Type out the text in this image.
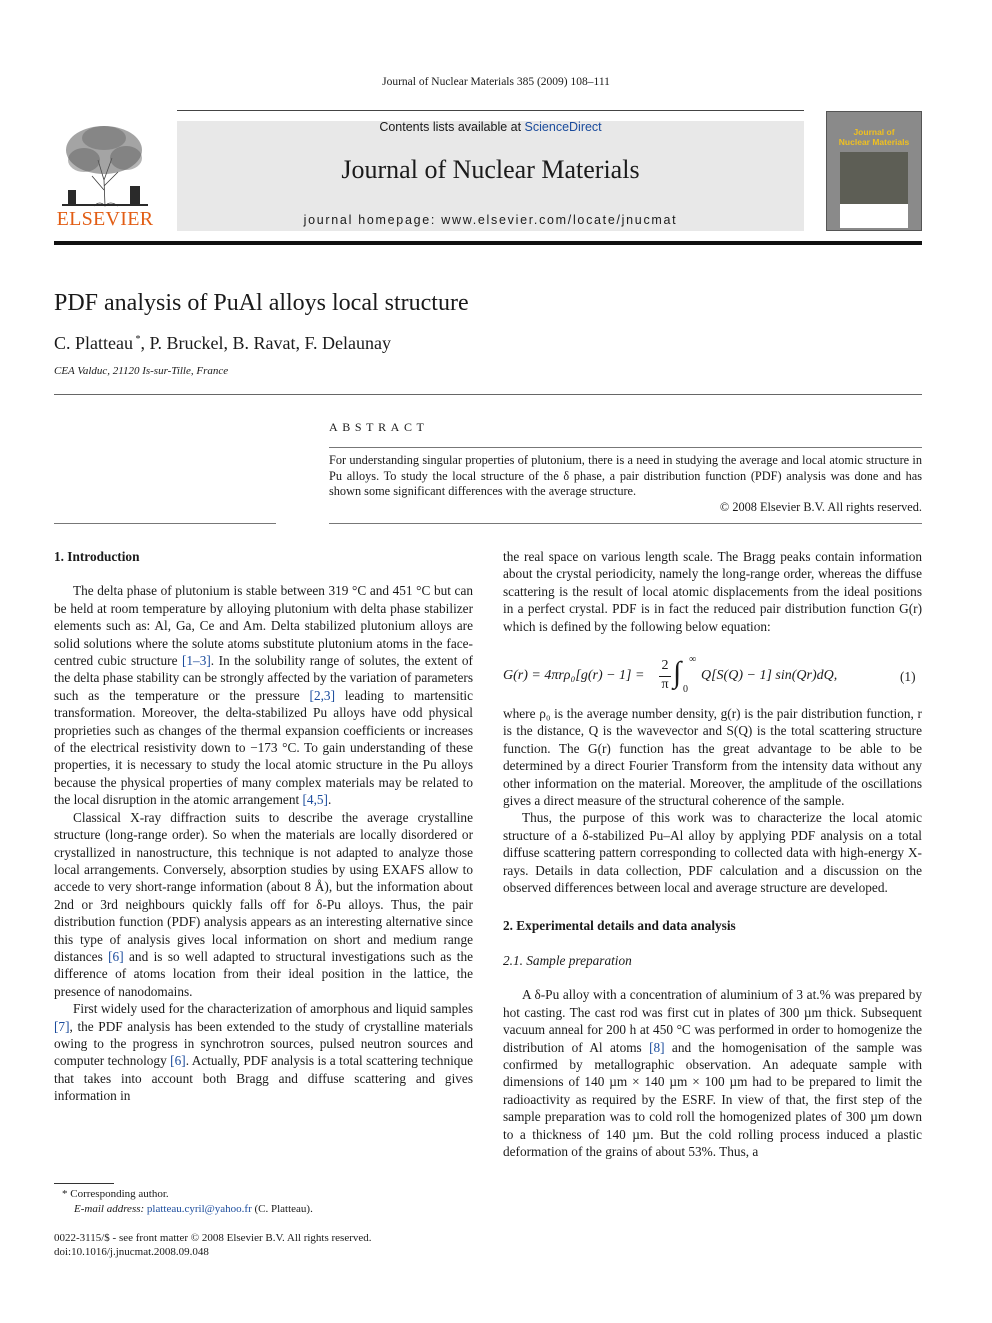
Journal of Nuclear Materials 385 (2009) 108–111
Contents lists available at ScienceDirect
Journal of Nuclear Materials
journal homepage: www.elsevier.com/locate/jnucmat
ELSEVIER
Journal of
Nuclear Materials
PDF analysis of PuAl alloys local structure
C. Platteau *, P. Bruckel, B. Ravat, F. Delaunay
CEA Valduc, 21120 Is-sur-Tille, France
ABSTRACT
For understanding singular properties of plutonium, there is a need in studying the average and local atomic structure in Pu alloys. To study the local structure of the δ phase, a pair distribution function (PDF) analysis was done and has shown some significant differences with the average structure.
© 2008 Elsevier B.V. All rights reserved.
1. Introduction

The delta phase of plutonium is stable between 319 °C and 451 °C but can be held at room temperature by alloying plutonium with delta phase stabilizer elements such as: Al, Ga, Ce and Am. Delta stabilized plutonium alloys are solid solutions where the solute atoms substitute plutonium atoms in the face-centred cubic structure [1–3]. In the solubility range of solutes, the extent of the delta phase stability can be strongly affected by the variation of parameters such as the temperature or the pressure [2,3] leading to martensitic transformation. Moreover, the delta-stabilized Pu alloys have odd physical proprieties such as changes of the thermal expansion coefficients or increases of the electrical resistivity down to −173 °C. To gain understanding of these properties, it is necessary to study the local atomic structure in the Pu alloys because the physical properties of many complex materials may be related to the local disruption in the atomic arrangement [4,5].

Classical X-ray diffraction suits to describe the average crystalline structure (long-range order). So when the materials are locally disordered or crystallized in nanostructure, this technique is not adapted to analyze those local arrangements. Conversely, absorption studies by using EXAFS allow to accede to very short-range information (about 8 Å), but the information about 2nd or 3rd neighbours quickly falls off for δ-Pu alloys. Thus, the pair distribution function (PDF) analysis appears as an interesting alternative since this type of analysis gives local information on short and medium range distances [6] and is so well adapted to structural investigations such as the difference of atoms location from their ideal position in the lattice, the presence of nanodomains.

First widely used for the characterization of amorphous and liquid samples [7], the PDF analysis has been extended to the study of crystalline materials owing to the progress in synchrotron sources, pulsed neutron sources and computer technology [6]. Actually, PDF analysis is a total scattering technique that takes into account both Bragg and diffuse scattering and gives information in

the real space on various length scale. The Bragg peaks contain information about the crystal periodicity, namely the long-range order, whereas the diffuse scattering is the result of local atomic displacements from the ideal positions in a perfect crystal. PDF is in fact the reduced pair distribution function G(r) which is defined by the following below equation:

G(r) = 4πrρ₀[g(r) − 1] =
2
π ∫ ∞
0
Q[S(Q) − 1] sin(Qr)dQ,	(1)

where ρ₀ is the average number density, g(r) is the pair distribution function, r is the distance, Q is the wavevector and S(Q) is the total scattering structure function. The G(r) function has the great advantage to be able to be determined by a direct Fourier Transform from the intensity data without any other information on the material. Moreover, the amplitude of the oscillations gives a direct measure of the structural coherence of the sample.

Thus, the purpose of this work was to characterize the local atomic structure of a δ-stabilized Pu–Al alloy by applying PDF analysis on a total diffuse scattering pattern corresponding to collected data with high-energy X-rays. Details in data collection, PDF calculation and a discussion on the observed differences between local and average structure are developed.

2. Experimental details and data analysis
2.1. Sample preparation

A δ-Pu alloy with a concentration of aluminium of 3 at.% was prepared by hot casting. The cast rod was first cut in plates of 300 µm thick. Subsequent vacuum anneal for 200 h at 450 °C was performed in order to homogenize the distribution of Al atoms [8] and the homogenisation of the sample was confirmed by metallographic observation. An adequate sample with dimensions of 140 µm × 140 µm × 100 µm had to be prepared to limit the radioactivity as required by the ESRF. In view of that, the first step of the sample preparation was to cold roll the homogenized plates of 300 µm down to a thickness of 140 µm. But the cold rolling process induced a plastic deformation of the grains of about 53%. Thus, a

* Corresponding author.
E-mail address: platteau.cyril@yahoo.fr (C. Platteau).
0022-3115/$ - see front matter © 2008 Elsevier B.V. All rights reserved.
doi:10.1016/j.jnucmat.2008.09.048
